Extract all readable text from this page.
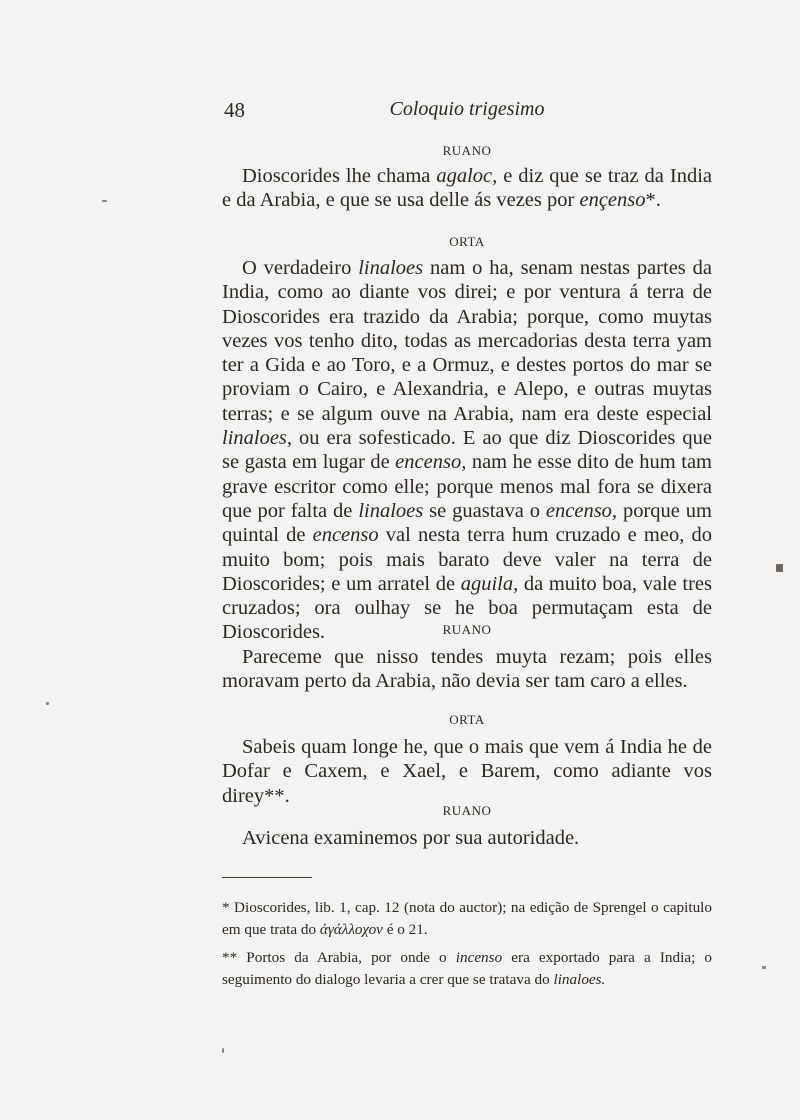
48	Coloquio trigesimo

RUANO

Dioscorides lhe chama agaloc, e diz que se traz da India e da Arabia, e que se usa delle ás vezes por ençenso*.

ORTA

O verdadeiro linaloes nam o ha, senam nestas partes da India, como ao diante vos direi; e por ventura á terra de Dioscorides era trazido da Arabia; porque, como muytas vezes vos tenho dito, todas as mercadorias desta terra yam ter a Gida e ao Toro, e a Ormuz, e destes portos do mar se proviam o Cairo, e Alexandria, e Alepo, e outras muytas terras; e se algum ouve na Arabia, nam era deste especial linaloes, ou era sofesticado. E ao que diz Dioscorides que se gasta em lugar de encenso, nam he esse dito de hum tam grave escritor como elle; porque menos mal fora se dixera que por falta de linaloes se guastava o encenso, porque um quintal de encenso val nesta terra hum cruzado e meo, do muito bom; pois mais barato deve valer na terra de Dioscorides; e um arratel de aguila, da muito boa, vale tres cruzados; ora oulhay se he boa permutaçam esta de Dioscorides.	RUANO

Pareceme que nisso tendes muyta rezam; pois elles moravam perto da Arabia, não devia ser tam caro a elles.

ORTA

Sabeis quam longe he, que o mais que vem á India he de Dofar e Caxem, e Xael, e Barem, como adiante vos direy**.

RUANO

Avicena examinemos por sua autoridade.

* Dioscorides, lib. 1, cap. 12 (nota do auctor); na edição de Sprengel o capitulo em que trata do ἀγάλλοχον é o 21.

** Portos da Arabia, por onde o incenso era exportado para a India; o seguimento do dialogo levaria a crer que se tratava do linaloes.
